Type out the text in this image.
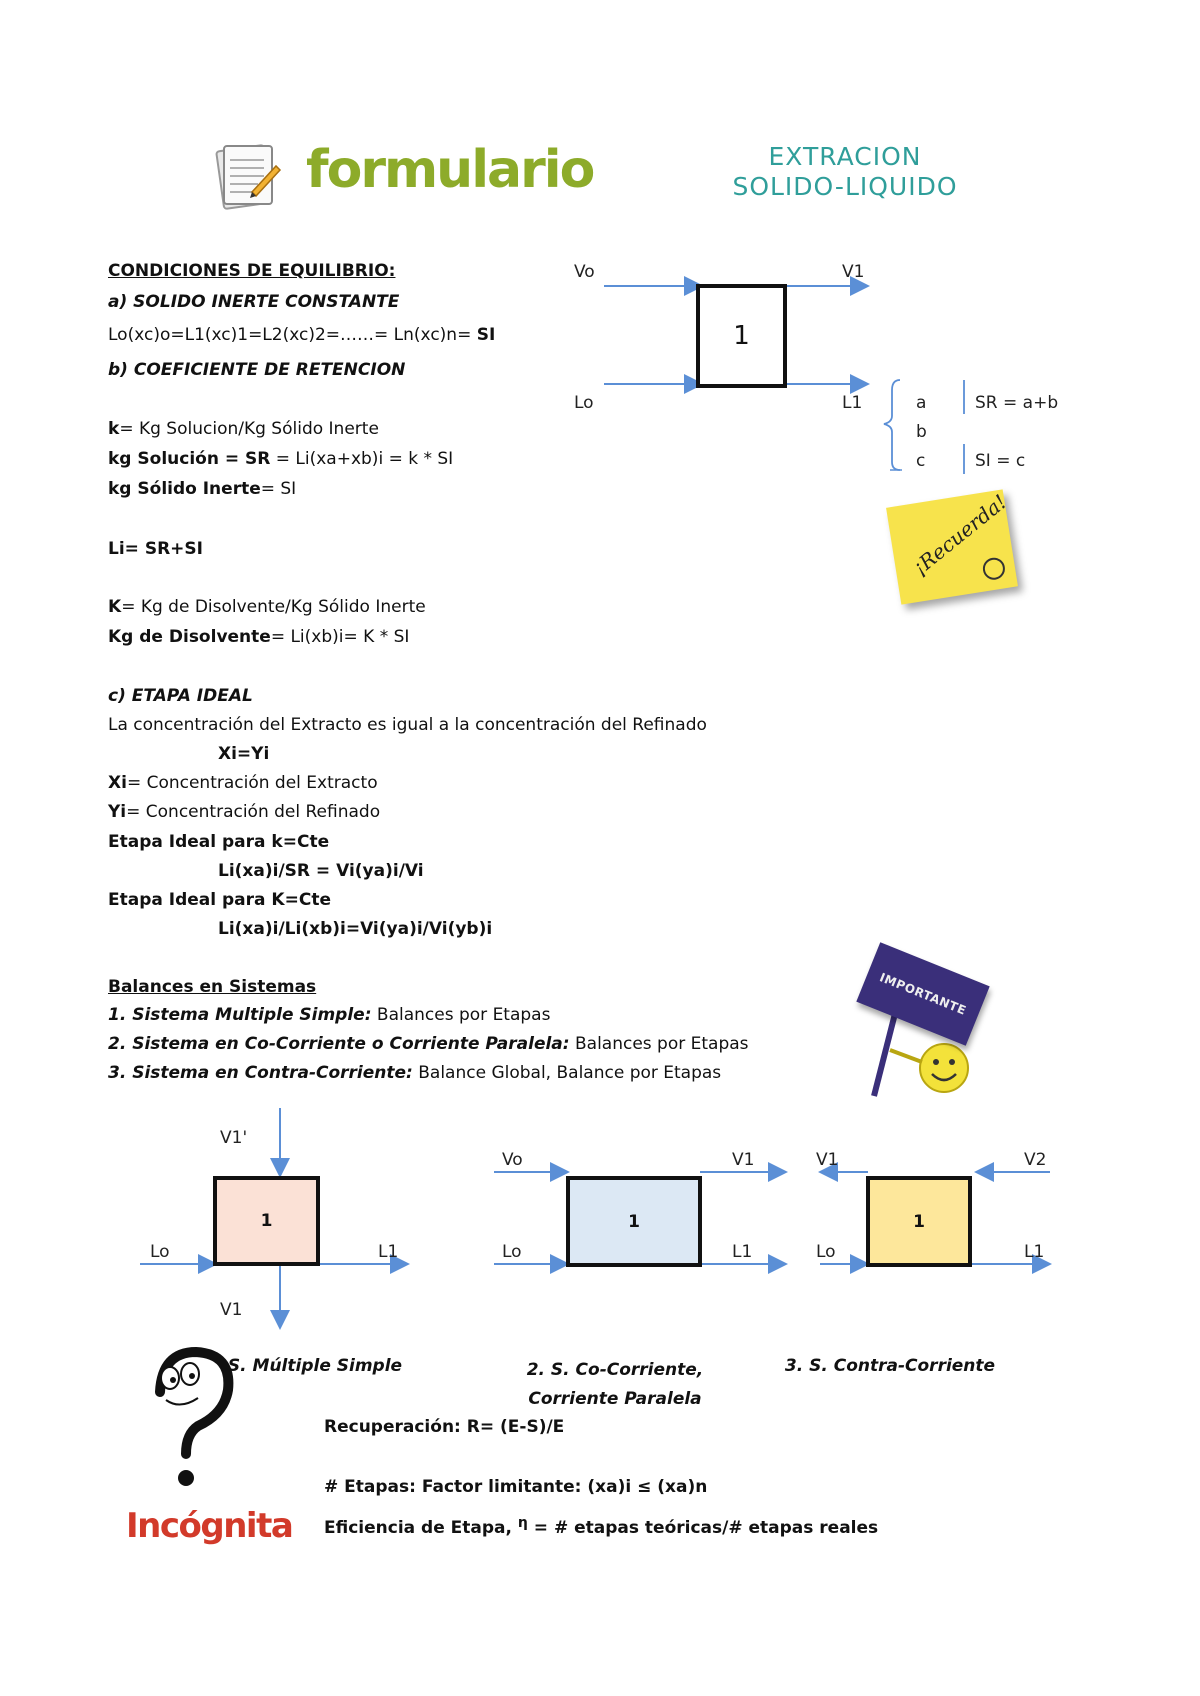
formulario	EXTRACION
SOLIDO-LIQUIDO
CONDICIONES DE EQUILIBRIO:
a) SOLIDO INERTE CONSTANTE
Lo(xc)o=L1(xc)1=L2(xc)2=……= Ln(xc)n= SI
b) COEFICIENTE DE RETENCION
k= Kg Solucion/Kg Sólido Inerte
kg Solución = SR = Li(xa+xb)i = k * SI
kg Sólido Inerte= SI
Li= SR+SI
K= Kg de Disolvente/Kg Sólido Inerte
Kg de Disolvente= Li(xb)i= K * SI
c) ETAPA IDEAL
La concentración del Extracto es igual a la concentración del Refinado
Xi=Yi
Xi= Concentración del Extracto
Yi= Concentración del Refinado
Etapa Ideal para k=Cte
Li(xa)i/SR = Vi(ya)i/Vi
Etapa Ideal para K=Cte
Li(xa)i/Li(xb)i=Vi(ya)i/Vi(yb)i
1
Vo	V1
Lo	L1	a
b
c
SR = a+b
SI = c
¡Recuerda!
Balances en Sistemas
1. Sistema Multiple Simple: Balances por Etapas
2. Sistema en Co-Corriente o Corriente Paralela: Balances por Etapas
3. Sistema en Contra-Corriente: Balance Global, Balance por Etapas
IMPORTANTE
1
V1'
Lo	L1
V1
1
Vo	V1
Lo	L1
1
V1	V2
Lo	L1
S. Múltiple Simple	2. S. Co-Corriente, Corriente Paralela
3. S. Contra-Corriente
Incógnita
Recuperación: R= (E-S)/E
# Etapas: Factor limitante: (xa)i ≤ (xa)n
Eficiencia de Etapa, $^\eta$ = # etapas teóricas/# etapas reales
